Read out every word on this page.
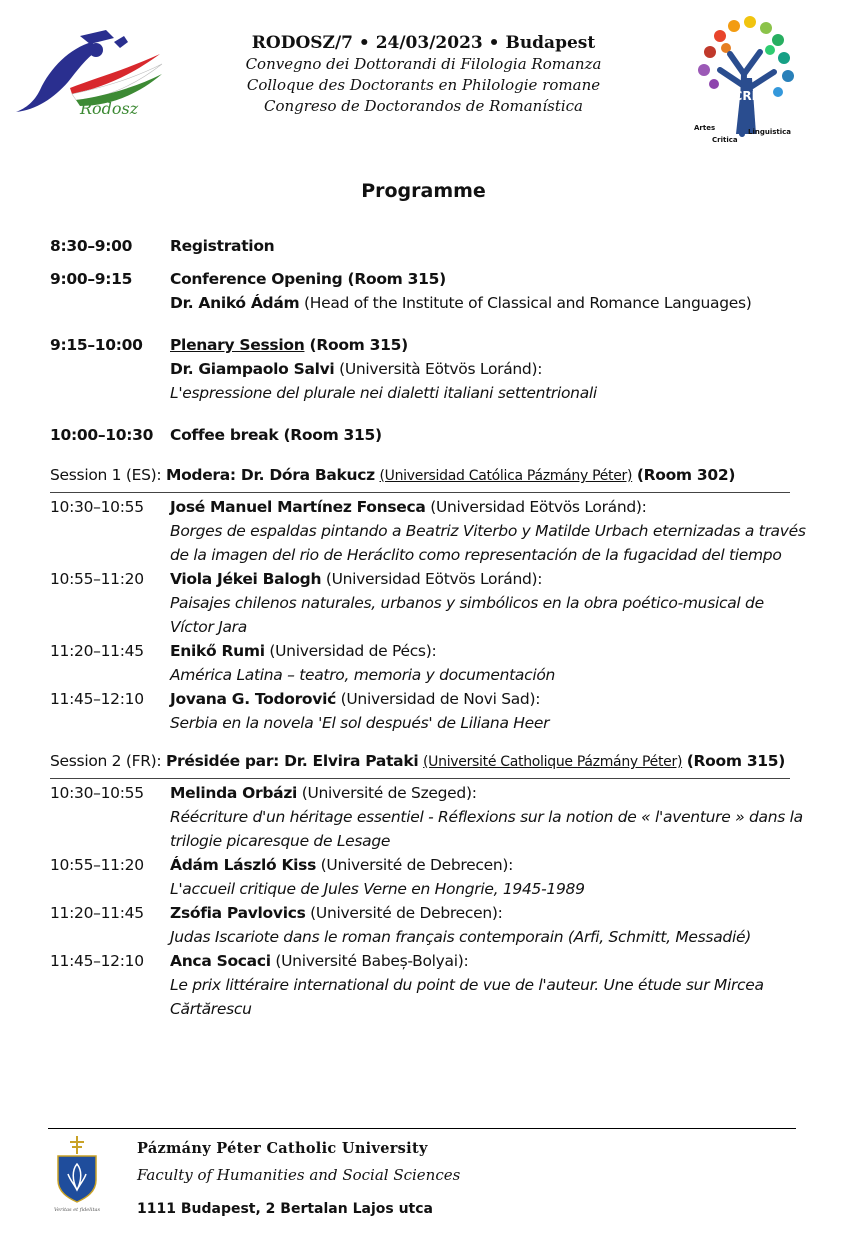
Rodosz
ACRIL
Artes
Critica
Linguistica
RODOSZ/7 • 24/03/2023 • Budapest
Convegno dei Dottorandi di Filologia Romanza
Colloque des Doctorants en Philologie romane
Congreso de Doctorandos de Romanística
Programme
8:30–9:00	Registration
9:00–9:15	Conference Opening (Room 315)
Dr. Anikó Ádám (Head of the Institute of Classical and Romance Languages)
9:15–10:00	Plenary Session (Room 315)
Dr. Giampaolo Salvi (Università Eötvös Loránd):
L'espressione del plurale nei dialetti italiani settentrionali
10:00–10:30	Coffee break (Room 315)
Session 1 (ES): Modera: Dr. Dóra Bakucz (Universidad Católica Pázmány Péter) (Room 302)
10:30–10:55	José Manuel Martínez Fonseca (Universidad Eötvös Loránd):
Borges de espaldas pintando a Beatriz Viterbo y Matilde Urbach eternizadas a través de la imagen del rio de Heráclito como representación de la fugacidad del tiempo
10:55–11:20	Viola Jékei Balogh (Universidad Eötvös Loránd):
Paisajes chilenos naturales, urbanos y simbólicos en la obra poético-musical de Víctor Jara
11:20–11:45	Enikő Rumi (Universidad de Pécs):
América Latina – teatro, memoria y documentación
11:45–12:10	Jovana G. Todorović (Universidad de Novi Sad):
Serbia en la novela 'El sol después' de Liliana Heer
Session 2 (FR): Présidée par: Dr. Elvira Pataki (Université Catholique Pázmány Péter) (Room 315)
10:30–10:55	Melinda Orbázi (Université de Szeged):
Réécriture d'un héritage essentiel - Réflexions sur la notion de « l'aventure » dans la trilogie picaresque de Lesage
10:55–11:20	Ádám László Kiss (Université de Debrecen):
L'accueil critique de Jules Verne en Hongrie, 1945-1989
11:20–11:45	Zsófia Pavlovics (Université de Debrecen):
Judas Iscariote dans le roman français contemporain (Arfi, Schmitt, Messadié)
11:45–12:10	Anca Socaci (Université Babeș-Bolyai):
Le prix littéraire international du point de vue de l'auteur. Une étude sur Mircea Cărtărescu
Veritas et fidelitas
Pázmány Péter Catholic University
Faculty of Humanities and Social Sciences
1111 Budapest, 2 Bertalan Lajos utca
